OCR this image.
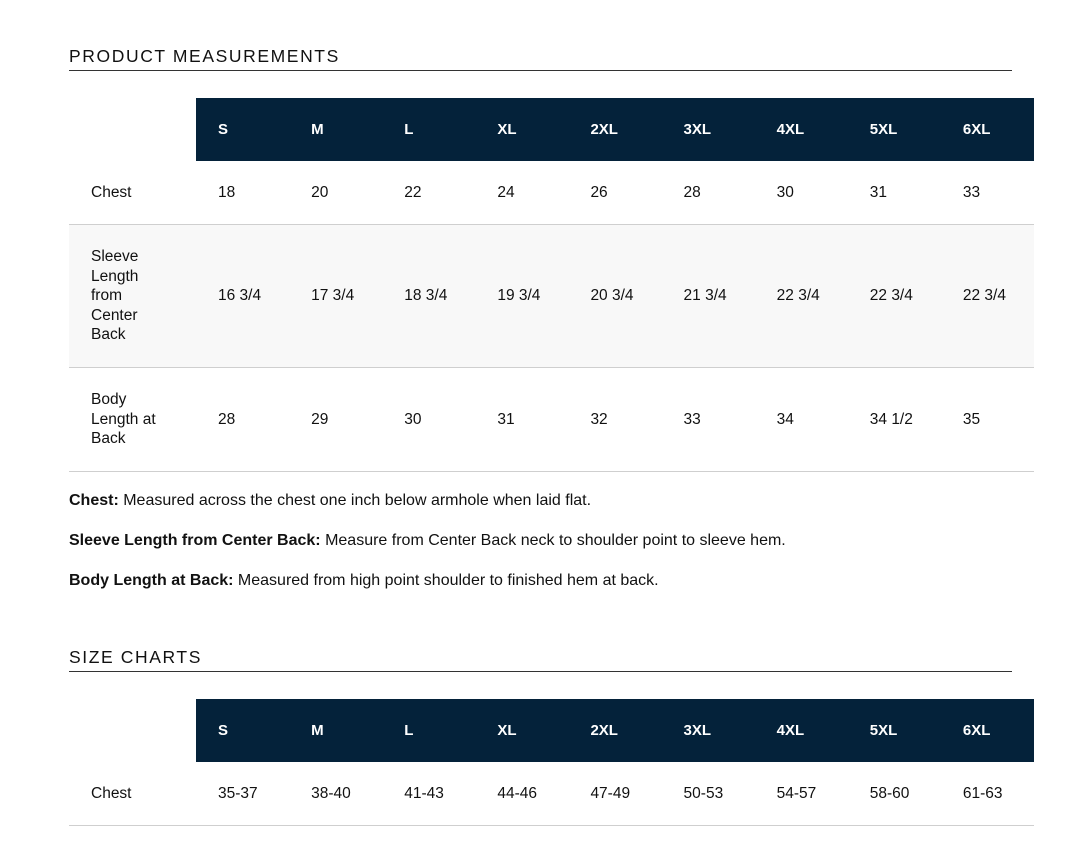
PRODUCT MEASUREMENTS
	S	M	L	XL	2XL	3XL	4XL	5XL	6XL
Chest	18	20	22	24	26	28	30	31	33
Sleeve Length from Center Back	16 3/4	17 3/4	18 3/4	19 3/4	20 3/4	21 3/4	22 3/4	22 3/4	22 3/4
Body Length at Back	28	29	30	31	32	33	34	34 1/2	35
Chest: Measured across the chest one inch below armhole when laid flat.
Sleeve Length from Center Back: Measure from Center Back neck to shoulder point to sleeve hem.
Body Length at Back: Measured from high point shoulder to finished hem at back.
SIZE CHARTS
	S	M	L	XL	2XL	3XL	4XL	5XL	6XL
Chest	35-37	38-40	41-43	44-46	47-49	50-53	54-57	58-60	61-63
